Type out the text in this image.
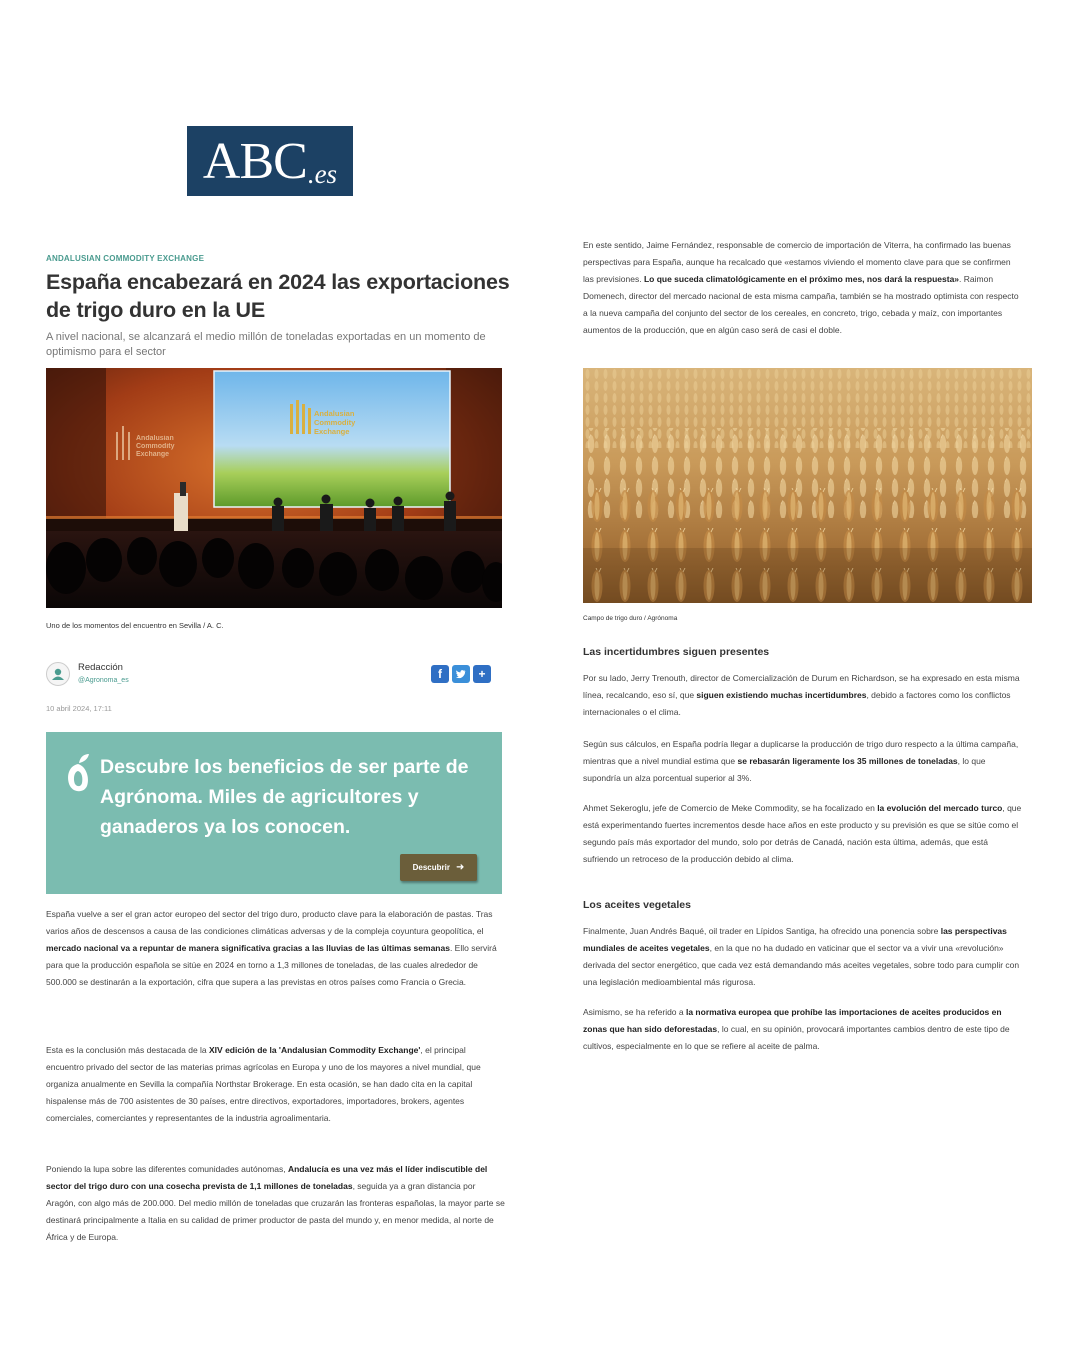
ABC .es
ANDALUSIAN COMMODITY EXCHANGE
España encabezará en 2024 las exportaciones de trigo duro en la UE
A nivel nacional, se alcanzará el medio millón de toneladas exportadas en un momento de optimismo para el sector
Andalusian
Commodity
Exchange
Andalusian
Commodity
Exchange
Uno de los momentos del encuentro en Sevilla / A. C.
Redacción
@Agronoma_es	f	+
10 abril 2024, 17:11
Descubre los beneficios de ser parte de Agrónoma. Miles de agricultores y ganaderos ya los conocen.
Descubrir ➜
España vuelve a ser el gran actor europeo del sector del trigo duro, producto clave para la elaboración de pastas. Tras varios años de descensos a causa de las condiciones climáticas adversas y de la compleja coyuntura geopolítica, el mercado nacional va a repuntar de manera significativa gracias a las lluvias de las últimas semanas. Ello servirá para que la producción española se sitúe en 2024 en torno a 1,3 millones de toneladas, de las cuales alrededor de 500.000 se destinarán a la exportación, cifra que supera a las previstas en otros países como Francia o Grecia.
Esta es la conclusión más destacada de la XIV edición de la 'Andalusian Commodity Exchange', el principal encuentro privado del sector de las materias primas agrícolas en Europa y uno de los mayores a nivel mundial, que organiza anualmente en Sevilla la compañía Northstar Brokerage. En esta ocasión, se han dado cita en la capital hispalense más de 700 asistentes de 30 países, entre directivos, exportadores, importadores, brokers, agentes comerciales, comerciantes y representantes de la industria agroalimentaria.
Poniendo la lupa sobre las diferentes comunidades autónomas, Andalucía es una vez más el líder indiscutible del sector del trigo duro con una cosecha prevista de 1,1 millones de toneladas, seguida ya a gran distancia por Aragón, con algo más de 200.000. Del medio millón de toneladas que cruzarán las fronteras españolas, la mayor parte se destinará principalmente a Italia en su calidad de primer productor de pasta del mundo y, en menor medida, al norte de África y de Europa.
En este sentido, Jaime Fernández, responsable de comercio de importación de Viterra, ha confirmado las buenas perspectivas para España, aunque ha recalcado que «estamos viviendo el momento clave para que se confirmen las previsiones. Lo que suceda climatológicamente en el próximo mes, nos dará la respuesta». Raimon Domenech, director del mercado nacional de esta misma campaña, también se ha mostrado optimista con respecto a la nueva campaña del conjunto del sector de los cereales, en concreto, trigo, cebada y maíz, con importantes aumentos de la producción, que en algún caso será de casi el doble.
Campo de trigo duro / Agrónoma
Las incertidumbres siguen presentes
Por su lado, Jerry Trenouth, director de Comercialización de Durum en Richardson, se ha expresado en esta misma línea, recalcando, eso sí, que siguen existiendo muchas incertidumbres, debido a factores como los conflictos internacionales o el clima.
Según sus cálculos, en España podría llegar a duplicarse la producción de trigo duro respecto a la última campaña, mientras que a nivel mundial estima que se rebasarán ligeramente los 35 millones de toneladas, lo que supondría un alza porcentual superior al 3%.
Ahmet Sekeroglu, jefe de Comercio de Meke Commodity, se ha focalizado en la evolución del mercado turco, que está experimentando fuertes incrementos desde hace años en este producto y su previsión es que se sitúe como el segundo país más exportador del mundo, solo por detrás de Canadá, nación esta última, además, que está sufriendo un retroceso de la producción debido al clima.
Los aceites vegetales
Finalmente, Juan Andrés Baqué, oil trader en Lípidos Santiga, ha ofrecido una ponencia sobre las perspectivas mundiales de aceites vegetales, en la que no ha dudado en vaticinar que el sector va a vivir una «revolución» derivada del sector energético, que cada vez está demandando más aceites vegetales, sobre todo para cumplir con una legislación medioambiental más rigurosa.
Asimismo, se ha referido a la normativa europea que prohíbe las importaciones de aceites producidos en zonas que han sido deforestadas, lo cual, en su opinión, provocará importantes cambios dentro de este tipo de cultivos, especialmente en lo que se refiere al aceite de palma.
